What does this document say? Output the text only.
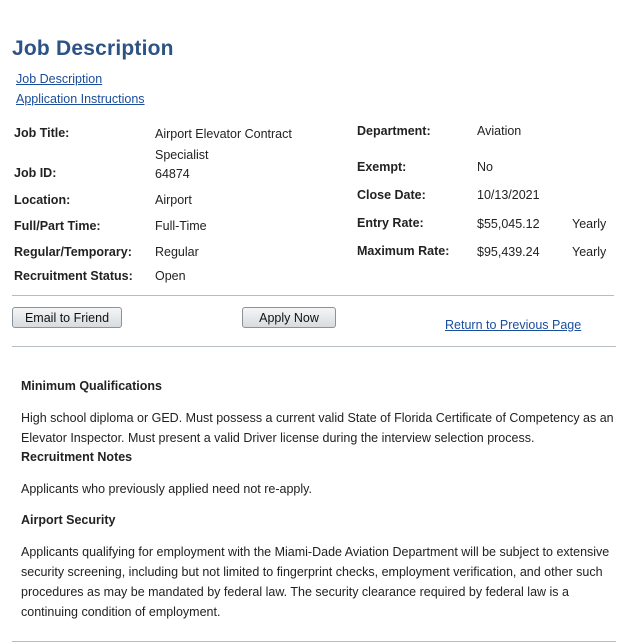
Job Description
Job Description
Application Instructions
Job Title:	Airport Elevator Contract Specialist
Job ID:	64874
Location:	Airport
Full/Part Time:	Full-Time
Regular/Temporary: Regular
Recruitment Status: Open
Department:	Aviation
Exempt:	No
Close Date:	10/13/2021
Entry Rate:	$55,045.12	Yearly
Maximum Rate: $95,439.24	Yearly
Email to Friend	Apply Now
Return to Previous Page
Minimum Qualifications
High school diploma or GED. Must possess a current valid State of Florida Certificate of Competency as an Elevator Inspector. Must present a valid Driver license during the interview selection process.
Recruitment Notes
Applicants who previously applied need not re-apply.
Airport Security
Applicants qualifying for employment with the Miami-Dade Aviation Department will be subject to extensive security screening, including but not limited to fingerprint checks, employment verification, and other such procedures as may be mandated by federal law. The security clearance required by federal law is a continuing condition of employment.
